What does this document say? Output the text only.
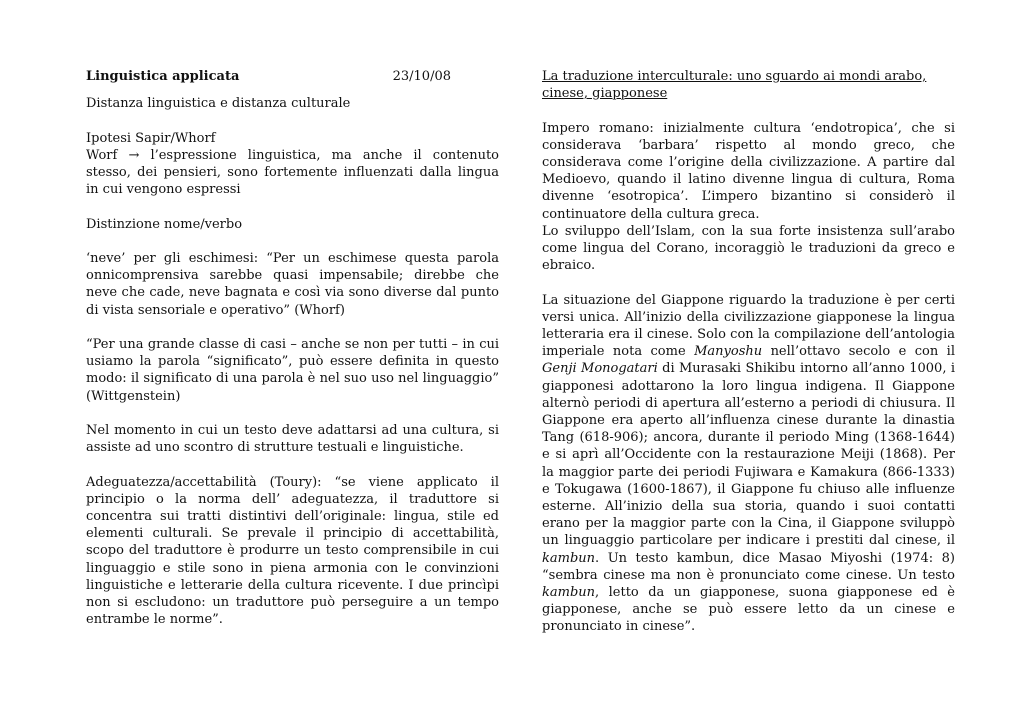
Linguistica applicata	23/10/08

Distanza linguistica e distanza culturale

Ipotesi Sapir/Whorf

Worf → l’espressione linguistica, ma anche il contenuto stesso, dei pensieri, sono fortemente influenzati dalla lingua in cui vengono espressi

Distinzione nome/verbo

‘neve’ per gli eschimesi: “Per un eschimese questa parola onnicomprensiva sarebbe quasi impensabile; direbbe che neve che cade, neve bagnata e così via sono diverse dal punto di vista sensoriale e operativo” (Whorf)

“Per una grande classe di casi – anche se non per tutti – in cui usiamo la parola “significato”, può essere definita in questo modo: il significato di una parola è nel suo uso nel linguaggio” (Wittgenstein)

Nel momento in cui un testo deve adattarsi ad una cultura, si assiste ad uno scontro di strutture testuali e linguistiche.

Adeguatezza/accettabilità (Toury): “se viene applicato il principio o la norma dell’ adeguatezza, il traduttore si concentra sui tratti distintivi dell’originale: lingua, stile ed elementi culturali. Se prevale il principio di accettabilità, scopo del traduttore è produrre un testo comprensibile in cui linguaggio e stile sono in piena armonia con le convinzioni linguistiche e letterarie della cultura ricevente. I due princìpi non si escludono: un traduttore può perseguire a un tempo entrambe le norme”.

La traduzione interculturale: uno sguardo ai mondi arabo, cinese, giapponese

Impero romano: inizialmente cultura ‘endotropica’, che si considerava ‘barbara’ rispetto al mondo greco, che considerava come l’origine della civilizzazione. A partire dal Medioevo, quando il latino divenne lingua di cultura, Roma divenne ‘esotropica’. L’impero bizantino si considerò il continuatore della cultura greca.

Lo sviluppo dell’Islam, con la sua forte insistenza sull’arabo come lingua del Corano, incoraggiò le traduzioni da greco e ebraico.

La situazione del Giappone riguardo la traduzione è per certi versi unica. All’inizio della civilizzazione giapponese la lingua letteraria era il cinese. Solo con la compilazione dell’antologia imperiale nota come Manyoshu nell’ottavo secolo e con il Genji Monogatari di Murasaki Shikibu intorno all’anno 1000, i giapponesi adottarono la loro lingua indigena. Il Giappone alternò periodi di apertura all’esterno a periodi di chiusura. Il Giappone era aperto all’influenza cinese durante la dinastia Tang (618-906); ancora, durante il periodo Ming (1368-1644) e si aprì all’Occidente con la restaurazione Meiji (1868). Per la maggior parte dei periodi Fujiwara e Kamakura (866-1333) e Tokugawa (1600-1867), il Giappone fu chiuso alle influenze esterne. All’inizio della sua storia, quando i suoi contatti erano per la maggior parte con la Cina, il Giappone sviluppò un linguaggio particolare per indicare i prestiti dal cinese, il kambun. Un testo kambun, dice Masao Miyoshi (1974: 8) “sembra cinese ma non è pronunciato come cinese. Un testo kambun, letto da un giapponese, suona giapponese ed è giapponese, anche se può essere letto da un cinese e pronunciato in cinese”.
